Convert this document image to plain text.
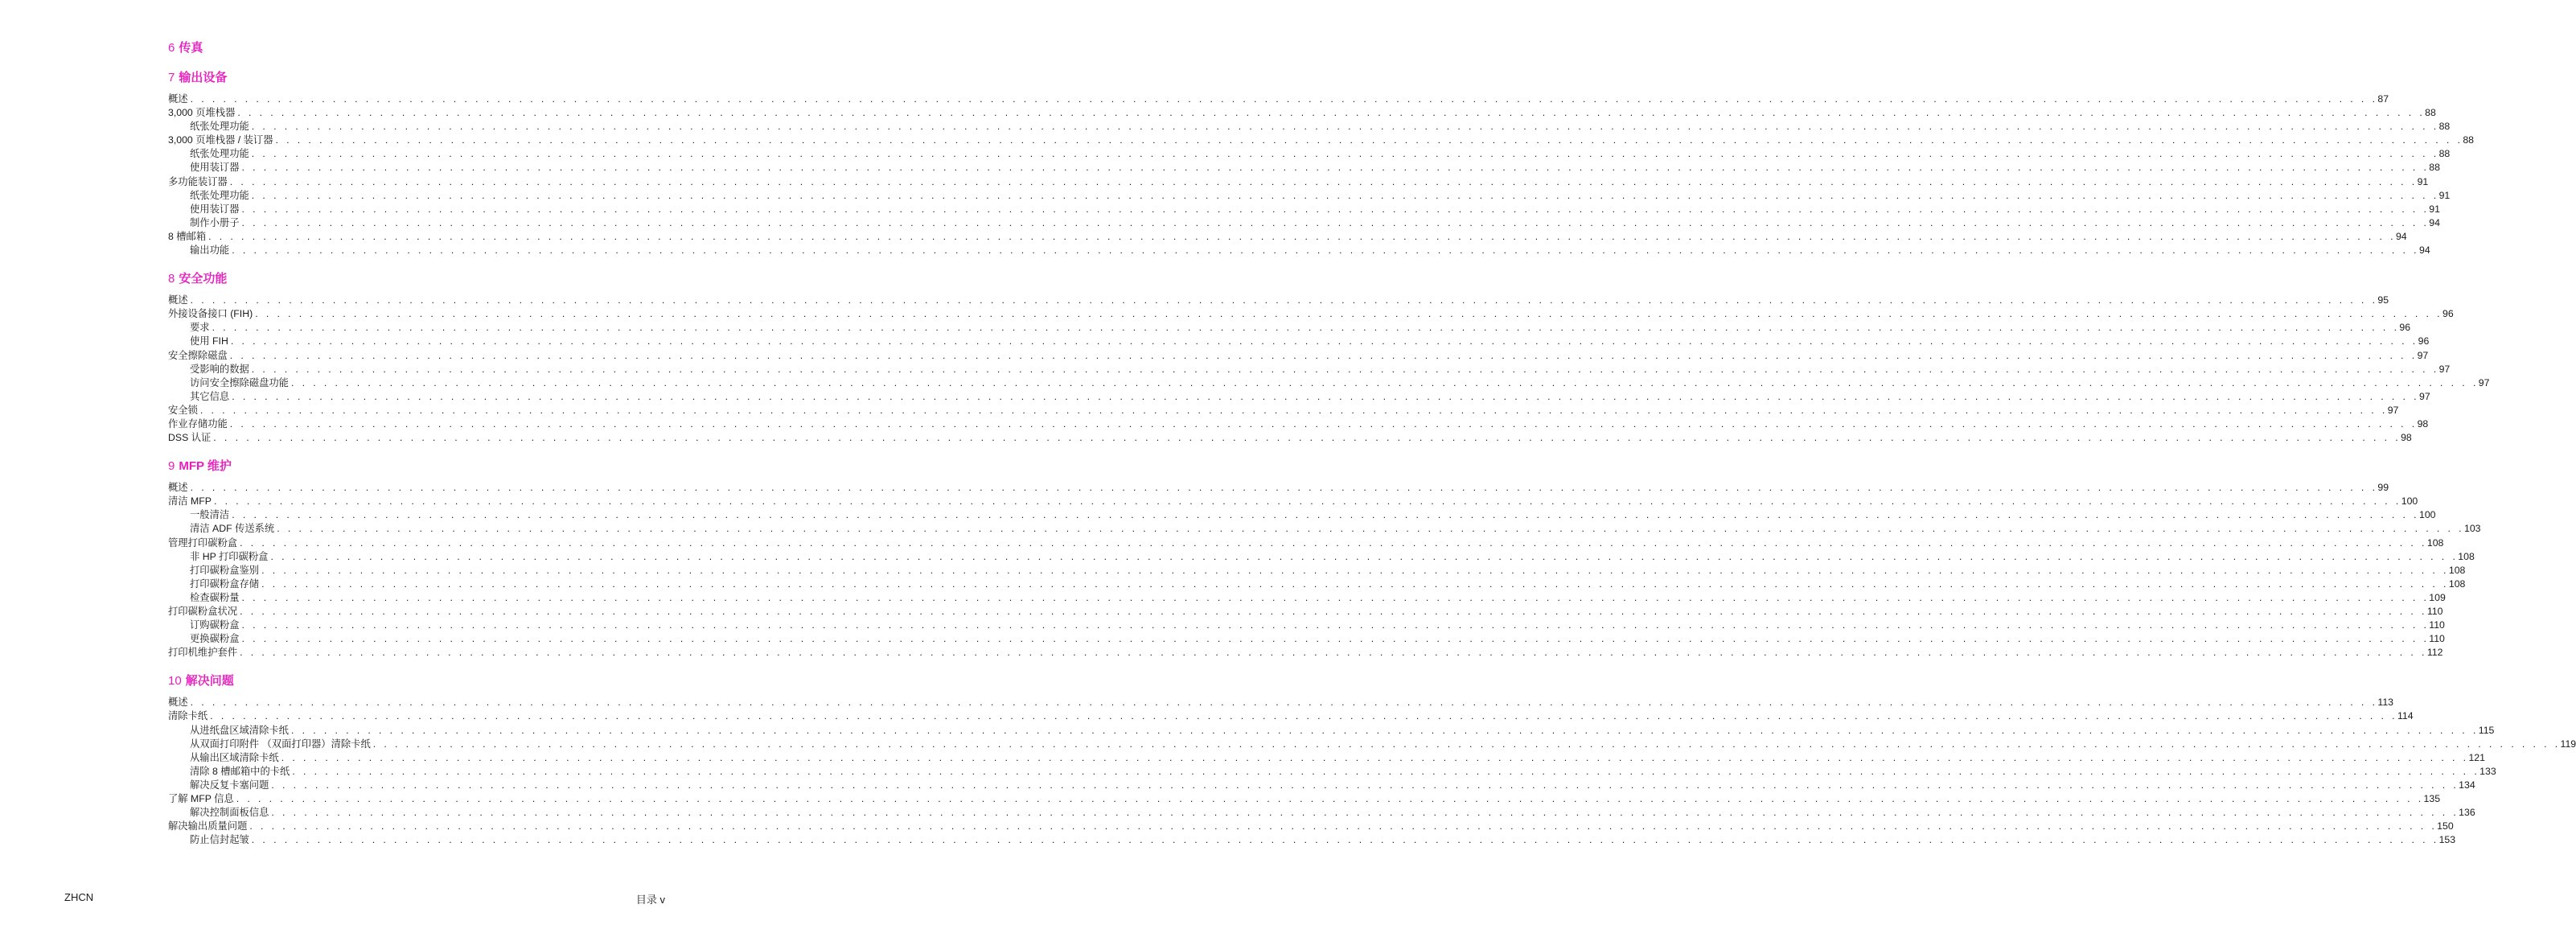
6 传真
7 输出设备
概述 . . . . . . . . . . . . . . . . . . . . . . . . . . . . . . . . . . . . . . . . . . . . . . . . . . . . . . . . . . . . . . . . . . . . . . . . . . . . . . . . . . . . . . . . . . . . . . . . . . . . . . . . . . . . . . . . . . . . . . . . . . . . . . . . . . . . . . . . . . . . . . . . . . . . . . . . . . . . . . . . . . . . . . . . . . . . . . . . . . . . . . . . . . . . . . . . . . . . . . . . 87
3,000 页堆栈器 . . . . . . . . . . . . . . . . . . . . . . . . . . . . . . . . . . . . . . . . . . . . . . . . . . . . . . . . . . . . . . . . . . . . . . . . . . . . . . . . . . . . . . . . . . . . . . . . . . . . . . . . . . . . . . . . . . . . . . . . . . . . . . . . . . . . . . . . . . . . . . . . . . . . . . . . . . . . . . . . . . . . . . . . . . . . . . . . . . . . . . . . . . . . . . . . . . . . . . . . 88
纸张处理功能 . . . . . . . . . . . . . . . . . . . . . . . . . . . . . . . . . . . . . . . . . . . . . . . . . . . . . . . . . . . . . . . . . . . . . . . . . . . . . . . . . . . . . . . . . . . . . . . . . . . . . . . . . . . . . . . . . . . . . . . . . . . . . . . . . . . . . . . . . . . . . . . . . . . . . . . . . . . . . . . . . . . . . . . . . . . . . . . . . . . . . . . . . . . . . . . . . . . . . . . . 88
3,000 页堆栈器 / 装订器 . . . . . . . . . . . . . . . . . . . . . . . . . . . . . . . . . . . . . . . . . . . . . . . . . . . . . . . . . . . . . . . . . . . . . . . . . . . . . . . . . . . . . . . . . . . . . . . . . . . . . . . . . . . . . . . . . . . . . . . . . . . . . . . . . . . . . . . . . . . . . . . . . . . . . . . . . . . . . . . . . . . . . . . . . . . . . . . . . . . . . . . . . . . . . . . . . . . . . . . . 88
纸张处理功能 . . . . . . . . . . . . . . . . . . . . . . . . . . . . . . . . . . . . . . . . . . . . . . . . . . . . . . . . . . . . . . . . . . . . . . . . . . . . . . . . . . . . . . . . . . . . . . . . . . . . . . . . . . . . . . . . . . . . . . . . . . . . . . . . . . . . . . . . . . . . . . . . . . . . . . . . . . . . . . . . . . . . . . . . . . . . . . . . . . . . . . . . . . . . . . . . . . . . . . . . 88
使用装订器 . . . . . . . . . . . . . . . . . . . . . . . . . . . . . . . . . . . . . . . . . . . . . . . . . . . . . . . . . . . . . . . . . . . . . . . . . . . . . . . . . . . . . . . . . . . . . . . . . . . . . . . . . . . . . . . . . . . . . . . . . . . . . . . . . . . . . . . . . . . . . . . . . . . . . . . . . . . . . . . . . . . . . . . . . . . . . . . . . . . . . . . . . . . . . . . . . . . . . . . . 88
多功能装订器 . . . . . . . . . . . . . . . . . . . . . . . . . . . . . . . . . . . . . . . . . . . . . . . . . . . . . . . . . . . . . . . . . . . . . . . . . . . . . . . . . . . . . . . . . . . . . . . . . . . . . . . . . . . . . . . . . . . . . . . . . . . . . . . . . . . . . . . . . . . . . . . . . . . . . . . . . . . . . . . . . . . . . . . . . . . . . . . . . . . . . . . . . . . . . . . . . . . . . . . . 91
纸张处理功能 . . . . . . . . . . . . . . . . . . . . . . . . . . . . . . . . . . . . . . . . . . . . . . . . . . . . . . . . . . . . . . . . . . . . . . . . . . . . . . . . . . . . . . . . . . . . . . . . . . . . . . . . . . . . . . . . . . . . . . . . . . . . . . . . . . . . . . . . . . . . . . . . . . . . . . . . . . . . . . . . . . . . . . . . . . . . . . . . . . . . . . . . . . . . . . . . . . . . . . . . 91
使用装订器 . . . . . . . . . . . . . . . . . . . . . . . . . . . . . . . . . . . . . . . . . . . . . . . . . . . . . . . . . . . . . . . . . . . . . . . . . . . . . . . . . . . . . . . . . . . . . . . . . . . . . . . . . . . . . . . . . . . . . . . . . . . . . . . . . . . . . . . . . . . . . . . . . . . . . . . . . . . . . . . . . . . . . . . . . . . . . . . . . . . . . . . . . . . . . . . . . . . . . . . . 91
制作小册子 . . . . . . . . . . . . . . . . . . . . . . . . . . . . . . . . . . . . . . . . . . . . . . . . . . . . . . . . . . . . . . . . . . . . . . . . . . . . . . . . . . . . . . . . . . . . . . . . . . . . . . . . . . . . . . . . . . . . . . . . . . . . . . . . . . . . . . . . . . . . . . . . . . . . . . . . . . . . . . . . . . . . . . . . . . . . . . . . . . . . . . . . . . . . . . . . . . . . . . . . 94
8 槽邮箱 . . . . . . . . . . . . . . . . . . . . . . . . . . . . . . . . . . . . . . . . . . . . . . . . . . . . . . . . . . . . . . . . . . . . . . . . . . . . . . . . . . . . . . . . . . . . . . . . . . . . . . . . . . . . . . . . . . . . . . . . . . . . . . . . . . . . . . . . . . . . . . . . . . . . . . . . . . . . . . . . . . . . . . . . . . . . . . . . . . . . . . . . . . . . . . . . . . . . . . . . 94
输出功能 . . . . . . . . . . . . . . . . . . . . . . . . . . . . . . . . . . . . . . . . . . . . . . . . . . . . . . . . . . . . . . . . . . . . . . . . . . . . . . . . . . . . . . . . . . . . . . . . . . . . . . . . . . . . . . . . . . . . . . . . . . . . . . . . . . . . . . . . . . . . . . . . . . . . . . . . . . . . . . . . . . . . . . . . . . . . . . . . . . . . . . . . . . . . . . . . . . . . . . . . 94
8 安全功能
概述 . . . . . . . . . . . . . . . . . . . . . . . . . . . . . . . . . . . . . . . . . . . . . . . . . . . . . . . . . . . . . . . . . . . . . . . . . . . . . . . . . . . . . . . . . . . . . . . . . . . . . . . . . . . . . . . . . . . . . . . . . . . . . . . . . . . . . . . . . . . . . . . . . . . . . . . . . . . . . . . . . . . . . . . . . . . . . . . . . . . . . . . . . . . . . . . . . . . . . . . . 95
外接设备接口 (FIH) . . . . . . . . . . . . . . . . . . . . . . . . . . . . . . . . . . . . . . . . . . . . . . . . . . . . . . . . . . . . . . . . . . . . . . . . . . . . . . . . . . . . . . . . . . . . . . . . . . . . . . . . . . . . . . . . . . . . . . . . . . . . . . . . . . . . . . . . . . . . . . . . . . . . . . . . . . . . . . . . . . . . . . . . . . . . . . . . . . . . . . . . . . . . . . . . . . . . . . . . 96
要求 . . . . . . . . . . . . . . . . . . . . . . . . . . . . . . . . . . . . . . . . . . . . . . . . . . . . . . . . . . . . . . . . . . . . . . . . . . . . . . . . . . . . . . . . . . . . . . . . . . . . . . . . . . . . . . . . . . . . . . . . . . . . . . . . . . . . . . . . . . . . . . . . . . . . . . . . . . . . . . . . . . . . . . . . . . . . . . . . . . . . . . . . . . . . . . . . . . . . . . . . 96
使用 FIH . . . . . . . . . . . . . . . . . . . . . . . . . . . . . . . . . . . . . . . . . . . . . . . . . . . . . . . . . . . . . . . . . . . . . . . . . . . . . . . . . . . . . . . . . . . . . . . . . . . . . . . . . . . . . . . . . . . . . . . . . . . . . . . . . . . . . . . . . . . . . . . . . . . . . . . . . . . . . . . . . . . . . . . . . . . . . . . . . . . . . . . . . . . . . . . . . . . . . . . . 96
安全擦除磁盘 . . . . . . . . . . . . . . . . . . . . . . . . . . . . . . . . . . . . . . . . . . . . . . . . . . . . . . . . . . . . . . . . . . . . . . . . . . . . . . . . . . . . . . . . . . . . . . . . . . . . . . . . . . . . . . . . . . . . . . . . . . . . . . . . . . . . . . . . . . . . . . . . . . . . . . . . . . . . . . . . . . . . . . . . . . . . . . . . . . . . . . . . . . . . . . . . . . . . . . . . 97
受影响的数据 . . . . . . . . . . . . . . . . . . . . . . . . . . . . . . . . . . . . . . . . . . . . . . . . . . . . . . . . . . . . . . . . . . . . . . . . . . . . . . . . . . . . . . . . . . . . . . . . . . . . . . . . . . . . . . . . . . . . . . . . . . . . . . . . . . . . . . . . . . . . . . . . . . . . . . . . . . . . . . . . . . . . . . . . . . . . . . . . . . . . . . . . . . . . . . . . . . . . . . . . 97
访问安全擦除磁盘功能 . . . . . . . . . . . . . . . . . . . . . . . . . . . . . . . . . . . . . . . . . . . . . . . . . . . . . . . . . . . . . . . . . . . . . . . . . . . . . . . . . . . . . . . . . . . . . . . . . . . . . . . . . . . . . . . . . . . . . . . . . . . . . . . . . . . . . . . . . . . . . . . . . . . . . . . . . . . . . . . . . . . . . . . . . . . . . . . . . . . . . . . . . . . . . . . . . . . . . . . . 97
其它信息 . . . . . . . . . . . . . . . . . . . . . . . . . . . . . . . . . . . . . . . . . . . . . . . . . . . . . . . . . . . . . . . . . . . . . . . . . . . . . . . . . . . . . . . . . . . . . . . . . . . . . . . . . . . . . . . . . . . . . . . . . . . . . . . . . . . . . . . . . . . . . . . . . . . . . . . . . . . . . . . . . . . . . . . . . . . . . . . . . . . . . . . . . . . . . . . . . . . . . . . . 97
安全锁 . . . . . . . . . . . . . . . . . . . . . . . . . . . . . . . . . . . . . . . . . . . . . . . . . . . . . . . . . . . . . . . . . . . . . . . . . . . . . . . . . . . . . . . . . . . . . . . . . . . . . . . . . . . . . . . . . . . . . . . . . . . . . . . . . . . . . . . . . . . . . . . . . . . . . . . . . . . . . . . . . . . . . . . . . . . . . . . . . . . . . . . . . . . . . . . . . . . . . . . . 97
作业存储功能 . . . . . . . . . . . . . . . . . . . . . . . . . . . . . . . . . . . . . . . . . . . . . . . . . . . . . . . . . . . . . . . . . . . . . . . . . . . . . . . . . . . . . . . . . . . . . . . . . . . . . . . . . . . . . . . . . . . . . . . . . . . . . . . . . . . . . . . . . . . . . . . . . . . . . . . . . . . . . . . . . . . . . . . . . . . . . . . . . . . . . . . . . . . . . . . . . . . . . . . . 98
DSS 认证 . . . . . . . . . . . . . . . . . . . . . . . . . . . . . . . . . . . . . . . . . . . . . . . . . . . . . . . . . . . . . . . . . . . . . . . . . . . . . . . . . . . . . . . . . . . . . . . . . . . . . . . . . . . . . . . . . . . . . . . . . . . . . . . . . . . . . . . . . . . . . . . . . . . . . . . . . . . . . . . . . . . . . . . . . . . . . . . . . . . . . . . . . . . . . . . . . . . . . . . . 98
9 MFP 维护
概述 . . . . . . . . . . . . . . . . . . . . . . . . . . . . . . . . . . . . . . . . . . . . . . . . . . . . . . . . . . . . . . . . . . . . . . . . . . . . . . . . . . . . . . . . . . . . . . . . . . . . . . . . . . . . . . . . . . . . . . . . . . . . . . . . . . . . . . . . . . . . . . . . . . . . . . . . . . . . . . . . . . . . . . . . . . . . . . . . . . . . . . . . . . . . . . . . . . . . . . . . 99
清洁 MFP . . . . . . . . . . . . . . . . . . . . . . . . . . . . . . . . . . . . . . . . . . . . . . . . . . . . . . . . . . . . . . . . . . . . . . . . . . . . . . . . . . . . . . . . . . . . . . . . . . . . . . . . . . . . . . . . . . . . . . . . . . . . . . . . . . . . . . . . . . . . . . . . . . . . . . . . . . . . . . . . . . . . . . . . . . . . . . . . . . . . . . . . . . . . . . . . . . . . . . . . 100
一般清洁 . . . . . . . . . . . . . . . . . . . . . . . . . . . . . . . . . . . . . . . . . . . . . . . . . . . . . . . . . . . . . . . . . . . . . . . . . . . . . . . . . . . . . . . . . . . . . . . . . . . . . . . . . . . . . . . . . . . . . . . . . . . . . . . . . . . . . . . . . . . . . . . . . . . . . . . . . . . . . . . . . . . . . . . . . . . . . . . . . . . . . . . . . . . . . . . . . . . . . . . . 100
清洁 ADF 传送系统 . . . . . . . . . . . . . . . . . . . . . . . . . . . . . . . . . . . . . . . . . . . . . . . . . . . . . . . . . . . . . . . . . . . . . . . . . . . . . . . . . . . . . . . . . . . . . . . . . . . . . . . . . . . . . . . . . . . . . . . . . . . . . . . . . . . . . . . . . . . . . . . . . . . . . . . . . . . . . . . . . . . . . . . . . . . . . . . . . . . . . . . . . . . . . . . . . . . . . . . . 103
管理打印碳粉盒 . . . . . . . . . . . . . . . . . . . . . . . . . . . . . . . . . . . . . . . . . . . . . . . . . . . . . . . . . . . . . . . . . . . . . . . . . . . . . . . . . . . . . . . . . . . . . . . . . . . . . . . . . . . . . . . . . . . . . . . . . . . . . . . . . . . . . . . . . . . . . . . . . . . . . . . . . . . . . . . . . . . . . . . . . . . . . . . . . . . . . . . . . . . . . . . . . . . . . . . . 108
非 HP 打印碳粉盒 . . . . . . . . . . . . . . . . . . . . . . . . . . . . . . . . . . . . . . . . . . . . . . . . . . . . . . . . . . . . . . . . . . . . . . . . . . . . . . . . . . . . . . . . . . . . . . . . . . . . . . . . . . . . . . . . . . . . . . . . . . . . . . . . . . . . . . . . . . . . . . . . . . . . . . . . . . . . . . . . . . . . . . . . . . . . . . . . . . . . . . . . . . . . . . . . . . . . . . . . 108
打印碳粉盒鉴别 . . . . . . . . . . . . . . . . . . . . . . . . . . . . . . . . . . . . . . . . . . . . . . . . . . . . . . . . . . . . . . . . . . . . . . . . . . . . . . . . . . . . . . . . . . . . . . . . . . . . . . . . . . . . . . . . . . . . . . . . . . . . . . . . . . . . . . . . . . . . . . . . . . . . . . . . . . . . . . . . . . . . . . . . . . . . . . . . . . . . . . . . . . . . . . . . . . . . . . . . 108
打印碳粉盒存储 . . . . . . . . . . . . . . . . . . . . . . . . . . . . . . . . . . . . . . . . . . . . . . . . . . . . . . . . . . . . . . . . . . . . . . . . . . . . . . . . . . . . . . . . . . . . . . . . . . . . . . . . . . . . . . . . . . . . . . . . . . . . . . . . . . . . . . . . . . . . . . . . . . . . . . . . . . . . . . . . . . . . . . . . . . . . . . . . . . . . . . . . . . . . . . . . . . . . . . . . 108
检查碳粉量 . . . . . . . . . . . . . . . . . . . . . . . . . . . . . . . . . . . . . . . . . . . . . . . . . . . . . . . . . . . . . . . . . . . . . . . . . . . . . . . . . . . . . . . . . . . . . . . . . . . . . . . . . . . . . . . . . . . . . . . . . . . . . . . . . . . . . . . . . . . . . . . . . . . . . . . . . . . . . . . . . . . . . . . . . . . . . . . . . . . . . . . . . . . . . . . . . . . . . . . . 109
打印碳粉盒状况 . . . . . . . . . . . . . . . . . . . . . . . . . . . . . . . . . . . . . . . . . . . . . . . . . . . . . . . . . . . . . . . . . . . . . . . . . . . . . . . . . . . . . . . . . . . . . . . . . . . . . . . . . . . . . . . . . . . . . . . . . . . . . . . . . . . . . . . . . . . . . . . . . . . . . . . . . . . . . . . . . . . . . . . . . . . . . . . . . . . . . . . . . . . . . . . . . . . . . . . . 110
订购碳粉盒 . . . . . . . . . . . . . . . . . . . . . . . . . . . . . . . . . . . . . . . . . . . . . . . . . . . . . . . . . . . . . . . . . . . . . . . . . . . . . . . . . . . . . . . . . . . . . . . . . . . . . . . . . . . . . . . . . . . . . . . . . . . . . . . . . . . . . . . . . . . . . . . . . . . . . . . . . . . . . . . . . . . . . . . . . . . . . . . . . . . . . . . . . . . . . . . . . . . . . . . . 110
更换碳粉盒 . . . . . . . . . . . . . . . . . . . . . . . . . . . . . . . . . . . . . . . . . . . . . . . . . . . . . . . . . . . . . . . . . . . . . . . . . . . . . . . . . . . . . . . . . . . . . . . . . . . . . . . . . . . . . . . . . . . . . . . . . . . . . . . . . . . . . . . . . . . . . . . . . . . . . . . . . . . . . . . . . . . . . . . . . . . . . . . . . . . . . . . . . . . . . . . . . . . . . . . . 110
打印机维护套件 . . . . . . . . . . . . . . . . . . . . . . . . . . . . . . . . . . . . . . . . . . . . . . . . . . . . . . . . . . . . . . . . . . . . . . . . . . . . . . . . . . . . . . . . . . . . . . . . . . . . . . . . . . . . . . . . . . . . . . . . . . . . . . . . . . . . . . . . . . . . . . . . . . . . . . . . . . . . . . . . . . . . . . . . . . . . . . . . . . . . . . . . . . . . . . . . . . . . . . . . 112
10 解决问题
概述 . . . . . . . . . . . . . . . . . . . . . . . . . . . . . . . . . . . . . . . . . . . . . . . . . . . . . . . . . . . . . . . . . . . . . . . . . . . . . . . . . . . . . . . . . . . . . . . . . . . . . . . . . . . . . . . . . . . . . . . . . . . . . . . . . . . . . . . . . . . . . . . . . . . . . . . . . . . . . . . . . . . . . . . . . . . . . . . . . . . . . . . . . . . . . . . . . . . . . . . . 113
清除卡纸 . . . . . . . . . . . . . . . . . . . . . . . . . . . . . . . . . . . . . . . . . . . . . . . . . . . . . . . . . . . . . . . . . . . . . . . . . . . . . . . . . . . . . . . . . . . . . . . . . . . . . . . . . . . . . . . . . . . . . . . . . . . . . . . . . . . . . . . . . . . . . . . . . . . . . . . . . . . . . . . . . . . . . . . . . . . . . . . . . . . . . . . . . . . . . . . . . . . . . . . . 114
从进纸盘区域清除卡纸 . . . . . . . . . . . . . . . . . . . . . . . . . . . . . . . . . . . . . . . . . . . . . . . . . . . . . . . . . . . . . . . . . . . . . . . . . . . . . . . . . . . . . . . . . . . . . . . . . . . . . . . . . . . . . . . . . . . . . . . . . . . . . . . . . . . . . . . . . . . . . . . . . . . . . . . . . . . . . . . . . . . . . . . . . . . . . . . . . . . . . . . . . . . . . . . . . . . . . . . . 115
从双面打印附件 （双面打印器）清除卡纸 . . . . . . . . . . . . . . . . . . . . . . . . . . . . . . . . . . . . . . . . . . . . . . . . . . . . . . . . . . . . . . . . . . . . . . . . . . . . . . . . . . . . . . . . . . . . . . . . . . . . . . . . . . . . . . . . . . . . . . . . . . . . . . . . . . . . . . . . . . . . . . . . . . . . . . . . . . . . . . . . . . . . . . . . . . . . . . . . . . . . . . . . . . . . . . . . . . . . . . . . 119
从输出区域清除卡纸 . . . . . . . . . . . . . . . . . . . . . . . . . . . . . . . . . . . . . . . . . . . . . . . . . . . . . . . . . . . . . . . . . . . . . . . . . . . . . . . . . . . . . . . . . . . . . . . . . . . . . . . . . . . . . . . . . . . . . . . . . . . . . . . . . . . . . . . . . . . . . . . . . . . . . . . . . . . . . . . . . . . . . . . . . . . . . . . . . . . . . . . . . . . . . . . . . . . . . . . . 121
清除 8 槽邮箱中的卡纸 . . . . . . . . . . . . . . . . . . . . . . . . . . . . . . . . . . . . . . . . . . . . . . . . . . . . . . . . . . . . . . . . . . . . . . . . . . . . . . . . . . . . . . . . . . . . . . . . . . . . . . . . . . . . . . . . . . . . . . . . . . . . . . . . . . . . . . . . . . . . . . . . . . . . . . . . . . . . . . . . . . . . . . . . . . . . . . . . . . . . . . . . . . . . . . . . . . . . . . . . 133
解决反复卡塞问题 . . . . . . . . . . . . . . . . . . . . . . . . . . . . . . . . . . . . . . . . . . . . . . . . . . . . . . . . . . . . . . . . . . . . . . . . . . . . . . . . . . . . . . . . . . . . . . . . . . . . . . . . . . . . . . . . . . . . . . . . . . . . . . . . . . . . . . . . . . . . . . . . . . . . . . . . . . . . . . . . . . . . . . . . . . . . . . . . . . . . . . . . . . . . . . . . . . . . . . . . 134
了解 MFP 信息 . . . . . . . . . . . . . . . . . . . . . . . . . . . . . . . . . . . . . . . . . . . . . . . . . . . . . . . . . . . . . . . . . . . . . . . . . . . . . . . . . . . . . . . . . . . . . . . . . . . . . . . . . . . . . . . . . . . . . . . . . . . . . . . . . . . . . . . . . . . . . . . . . . . . . . . . . . . . . . . . . . . . . . . . . . . . . . . . . . . . . . . . . . . . . . . . . . . . . . . . 135
解决控制面板信息 . . . . . . . . . . . . . . . . . . . . . . . . . . . . . . . . . . . . . . . . . . . . . . . . . . . . . . . . . . . . . . . . . . . . . . . . . . . . . . . . . . . . . . . . . . . . . . . . . . . . . . . . . . . . . . . . . . . . . . . . . . . . . . . . . . . . . . . . . . . . . . . . . . . . . . . . . . . . . . . . . . . . . . . . . . . . . . . . . . . . . . . . . . . . . . . . . . . . . . . . 136
解决输出质量问题 . . . . . . . . . . . . . . . . . . . . . . . . . . . . . . . . . . . . . . . . . . . . . . . . . . . . . . . . . . . . . . . . . . . . . . . . . . . . . . . . . . . . . . . . . . . . . . . . . . . . . . . . . . . . . . . . . . . . . . . . . . . . . . . . . . . . . . . . . . . . . . . . . . . . . . . . . . . . . . . . . . . . . . . . . . . . . . . . . . . . . . . . . . . . . . . . . . . . . . . . 150
防止信封起皱 . . . . . . . . . . . . . . . . . . . . . . . . . . . . . . . . . . . . . . . . . . . . . . . . . . . . . . . . . . . . . . . . . . . . . . . . . . . . . . . . . . . . . . . . . . . . . . . . . . . . . . . . . . . . . . . . . . . . . . . . . . . . . . . . . . . . . . . . . . . . . . . . . . . . . . . . . . . . . . . . . . . . . . . . . . . . . . . . . . . . . . . . . . . . . . . . . . . . . . . . 153
ZHCN	目录 v
